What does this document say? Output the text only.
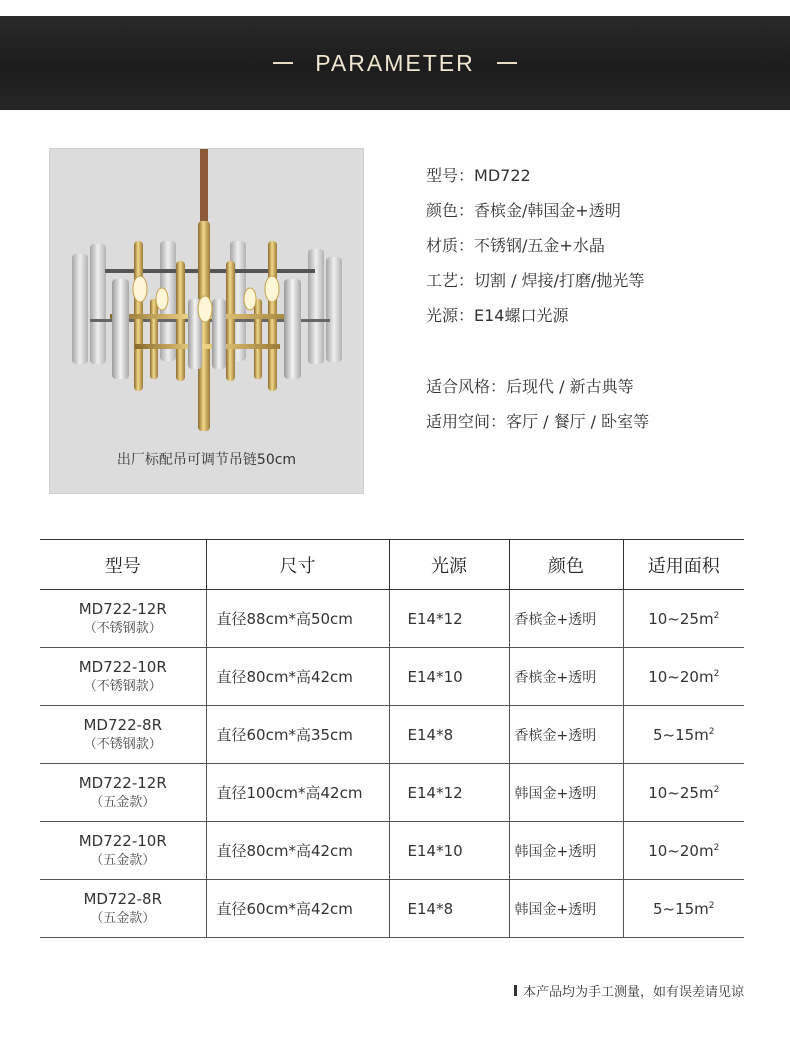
PARAMETER
出厂标配吊可调节吊链50cm
型号：MD722
颜色：香槟金/韩国金+透明
材质：不锈钢/五金+水晶
工艺：切割 / 焊接/打磨/抛光等
光源：E14螺口光源
适合风格：后现代 / 新古典等
适用空间：客厅 / 餐厅 / 卧室等
型号	尺寸	光源	颜色	适用面积

MD722-12R
（不锈钢款）	直径88cm*高50cm	E14*12	香槟金+透明	$10\sim 25m^2$

MD722-10R
（不锈钢款）	直径80cm*高42cm	E14*10	香槟金+透明	$10\sim 20m^2$

MD722-8R
（不锈钢款）	直径60cm*高35cm	E14*8	香槟金+透明	$5\sim 15m^2$

MD722-12R
（五金款）	直径100cm*高42cm	E14*12	韩国金+透明	$10\sim 25m^2$

MD722-10R
（五金款）	直径80cm*高42cm	E14*10	韩国金+透明	$10\sim 20m^2$

MD722-8R
（五金款）	直径60cm*高42cm	E14*8	韩国金+透明	$5\sim 15m^2$
本产品均为手工测量，如有误差请见谅
